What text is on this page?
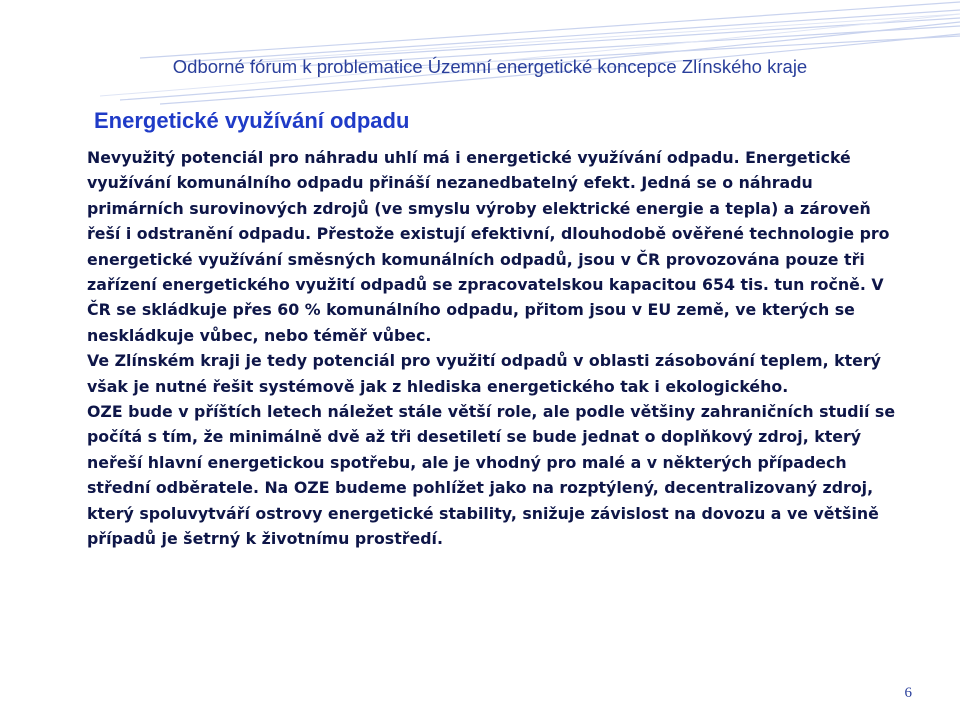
Odborné fórum k problematice Územní energetické koncepce Zlínského kraje
Energetické využívání odpadu

Nevyužitý potenciál pro náhradu uhlí má i energetické využívání odpadu. Energetické využívání komunálního odpadu přináší nezanedbatelný efekt. Jedná se o náhradu primárních surovinových zdrojů (ve smyslu výroby elektrické energie a tepla) a zároveň řeší i odstranění odpadu. Přestože existují efektivní, dlouhodobě ověřené technologie pro energetické využívání směsných komunálních odpadů, jsou v ČR provozována pouze tři zařízení energetického využití odpadů se zpracovatelskou kapacitou 654 tis. tun ročně. V ČR se skládkuje přes 60 % komunálního odpadu, přitom jsou v EU země, ve kterých se neskládkuje vůbec, nebo téměř vůbec.

Ve Zlínském kraji je tedy potenciál pro využití odpadů v oblasti zásobování teplem, který však je nutné řešit systémově jak z hlediska energetického tak i ekologického.

OZE bude v příštích letech náležet stále větší role, ale podle většiny zahraničních studií se počítá s tím, že minimálně dvě až tři desetiletí se bude jednat o doplňkový zdroj, který neřeší hlavní energetickou spotřebu, ale je vhodný pro malé a v některých případech střední odběratele. Na OZE budeme pohlížet jako na rozptýlený, decentralizovaný zdroj, který spoluvytváří ostrovy energetické stability, snižuje závislost na dovozu a ve většině případů je šetrný k životnímu prostředí.

6
